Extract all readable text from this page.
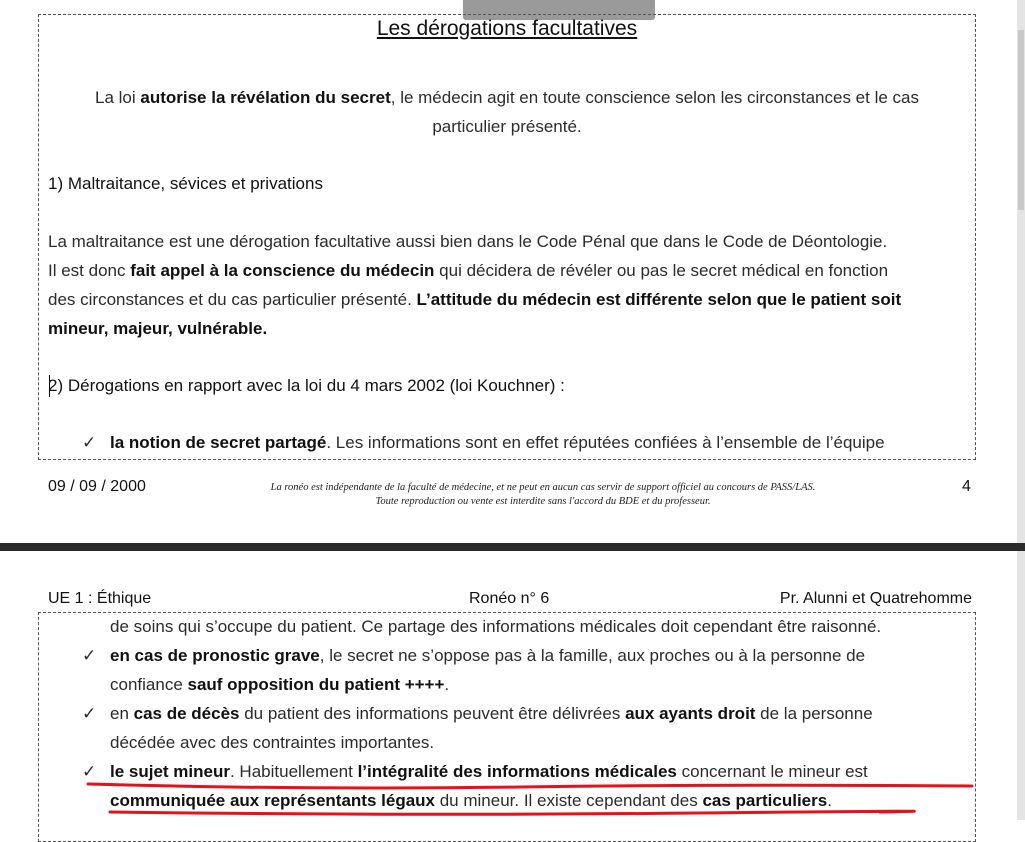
Les dérogations facultatives
La loi autorise la révélation du secret, le médecin agit en toute conscience selon les circonstances et le cas
particulier présenté.
1) Maltraitance, sévices et privations
La maltraitance est une dérogation facultative aussi bien dans le Code Pénal que dans le Code de Déontologie.
Il est donc fait appel à la conscience du médecin qui décidera de révéler ou pas le secret médical en fonction
des circonstances et du cas particulier présenté. L’attitude du médecin est différente selon que le patient soit
mineur, majeur, vulnérable.
2) Dérogations en rapport avec la loi du 4 mars 2002 (loi Kouchner) :
✓ la notion de secret partagé. Les informations sont en effet réputées confiées à l’ensemble de l’équipe
09 / 09 / 2000	La ronéo est indépendante de la faculté de médecine, et ne peut en aucun cas servir de support officiel au concours de PASS/LAS.
Toute reproduction ou vente est interdite sans l'accord du BDE et du professeur.
4
UE 1 : Éthique	Ronéo n° 6	Pr. Alunni et Quatrehomme
de soins qui s’occupe du patient. Ce partage des informations médicales doit cependant être raisonné.
✓ en cas de pronostic grave, le secret ne s’oppose pas à la famille, aux proches ou à la personne de
confiance sauf opposition du patient ++++.
✓ en cas de décès du patient des informations peuvent être délivrées aux ayants droit de la personne
décédée avec des contraintes importantes.
✓ le sujet mineur. Habituellement l’intégralité des informations médicales concernant le mineur est
communiquée aux représentants légaux du mineur. Il existe cependant des cas particuliers.
